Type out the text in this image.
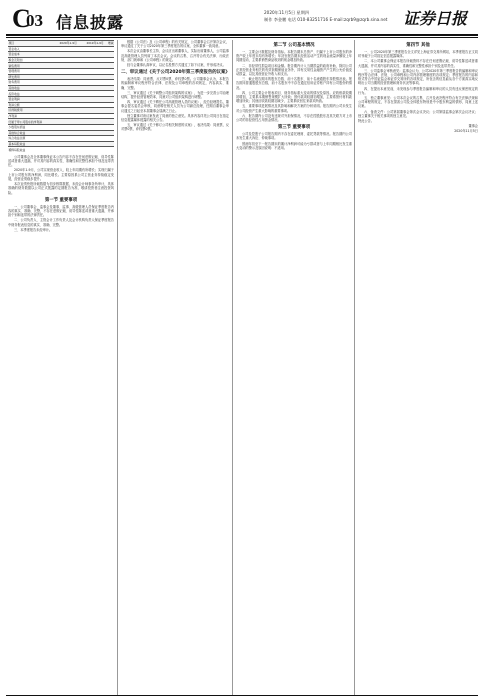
C
03 信息披露
2020年11月5日 星期四
制作 李金鹏 电话 010-83251716 E-mail:zqrb9@zqrb.sina.net 证券日报
项目	2020年1-9月	2019年1-9月	增减
营业收入			
营业成本			
税金及附加			
销售费用			
管理费用			
研发费用			
财务费用			
其他收益			
投资收益			
营业利润			
利润总额			
所得税费用			
净利润			
归属于母公司股东的净利润			
少数股东损益			
其他综合收益			
综合收益总额			
基本每股收益			
稀释每股收益			
公司董事会及全体董事保证本公告内容不存在任何虚假记载、误导性陈述或者重大遗漏，并对其内容的真实性、准确性和完整性承担个别及连带责任。
2020年1-9月，公司实现营业收入，较上年同期有所增长；实现归属于上市公司股东的净利润，同比增长。主要原因系公司主营业务持续稳定发展，经营业绩稳步提升。
本次业绩快报所载数据为初步核算数据，未经会计师事务所审计，具体准确的财务数据以公司正式披露的定期报告为准，敬请投资者注意投资风险。
第一节 重要事项
一、公司董事会、监事会及董事、监事、高级管理人员保证季度报告内容的真实、准确、完整，不存在虚假记载、误导性陈述或者重大遗漏，并承担个别和连带的法律责任。
二、公司负责人、主管会计工作负责人及会计机构负责人保证季度报告中财务报表信息的真实、准确、完整。
三、本季度报告未经审计。
根据《公司法》及《公司章程》的有关规定，公司董事会召开第次会议，审议通过了关于公司2020年第三季度报告的议案，全体董事一致同意。
本次会议由董事长主持，会议应出席董事人，实际出席董事人，公司监事及高级管理人员列席了本次会议。会议的召集、召开符合有关法律、行政法规、部门规章和《公司章程》的规定。
经与会董事认真审议，以记名投票方式通过了如下议案，并形成决议。
二、审议通过《关于公司2020年第三季度报告的议案》
表决结果：同意票，反对票0票，弃权票0票。公司董事会认为，本报告的编制和审议程序符合法律、法规及公司章程的各项规定，内容真实、准确、完整。
三、审议通过《关于调整公司组织架构的议案》，为进一步完善公司治理结构，提升经营管理效率，同意对公司组织架构进行调整。
四、审议通过《关于聘任公司高级管理人员的议案》，经总经理提名，董事会提名委员会审核，同意聘任相关人员为公司副总经理，任期自董事会审议通过之日起至本届董事会届满之日止。
独立董事对该议案发表了同意的独立意见。具体内容详见公司同日在指定信息披露媒体披露的相关公告。
五、审议通过《关于修订公司相关制度的议案》，表决结果：同意票，反对票0票，弃权票0票。
第二节 公司基本情况
一、主要会计数据及财务指标。本报告期末总资产、归属于上市公司股东的净资产较上年度末均有所增长；年初至报告期末经营活动产生的现金流量净额较上年同期变动，主要系销售商品收到的现金增加所致。
二、非经常性损益项目和金额。报告期内计入当期损益的政府补助，除同公司正常经营业务相关的有效套期保值业务外，持有交易性金融资产产生的公允价值变动损益，以及其他营业外收入和支出。
三、截止报告期末的股东总数、前十名股东、前十名流通股东持股情况表。报告期末普通股股东总数，前十名股东中不存在通过信用证券账户持有公司股份的情况。
四、公司主要会计报表项目、财务指标重大变动的情况及原因。应收账款较期初增加，主要系本期销售规模扩大所致；预付款项较期初增加，主要系预付材料款增加所致；其他应收款较期初减少，主要系收回往来款项所致。
五、重要事项进展情况及其影响和解决方案的分析说明。报告期内公司未发生对公司经营产生重大影响的重要事项。
六、报告期内公司没有违规对外担保情况，不存在控股股东及其关联方对上市公司的非经营性占用资金情况。
第三节 重要事项
公司及控股子公司报告期内不存在委托理财、委托贷款等情况。报告期内公司未发生重大诉讼、仲裁事项。
预测年初至下一报告期末的累计净利润可能为亏损或者与上年同期相比发生重大变动的警示及原因说明：不适用。
第四节 其他
一、公司2020年第三季度报告全文详见上海证券交易所网站，本季度报告正文同时刊载于公司指定信息披露媒体。
二、本公司董事会保证本报告所载资料不存在任何虚假记载、误导性陈述或者重大遗漏，并对其内容的真实性、准确性和完整性承担个别及连带责任。
三、公司监事会审核意见：监事会认为，公司2020年第三季度报告的编制和审议程序符合法律、法规、公司章程和公司内部管理制度的各项规定；季度报告的内容和格式符合中国证监会和证券交易所的各项规定，所包含的信息能从各个方面真实地反映出公司当期的经营管理和财务状况等事项。
四、在提出本意见前，未发现参与季度报告编制和审议的人员有违反保密规定的行为。
五、独立董事意见：公司本次会议的召集、召开及表决程序符合有关法律法规和公司章程的规定，不存在损害公司及全体股东特别是中小股东利益的情形，同意上述议案。
六、备查文件：公司第届董事会第次会议决议；公司第届监事会第次会议决议；独立董事关于相关事项的独立意见。
特此公告。
董事会
2020年11月5日
